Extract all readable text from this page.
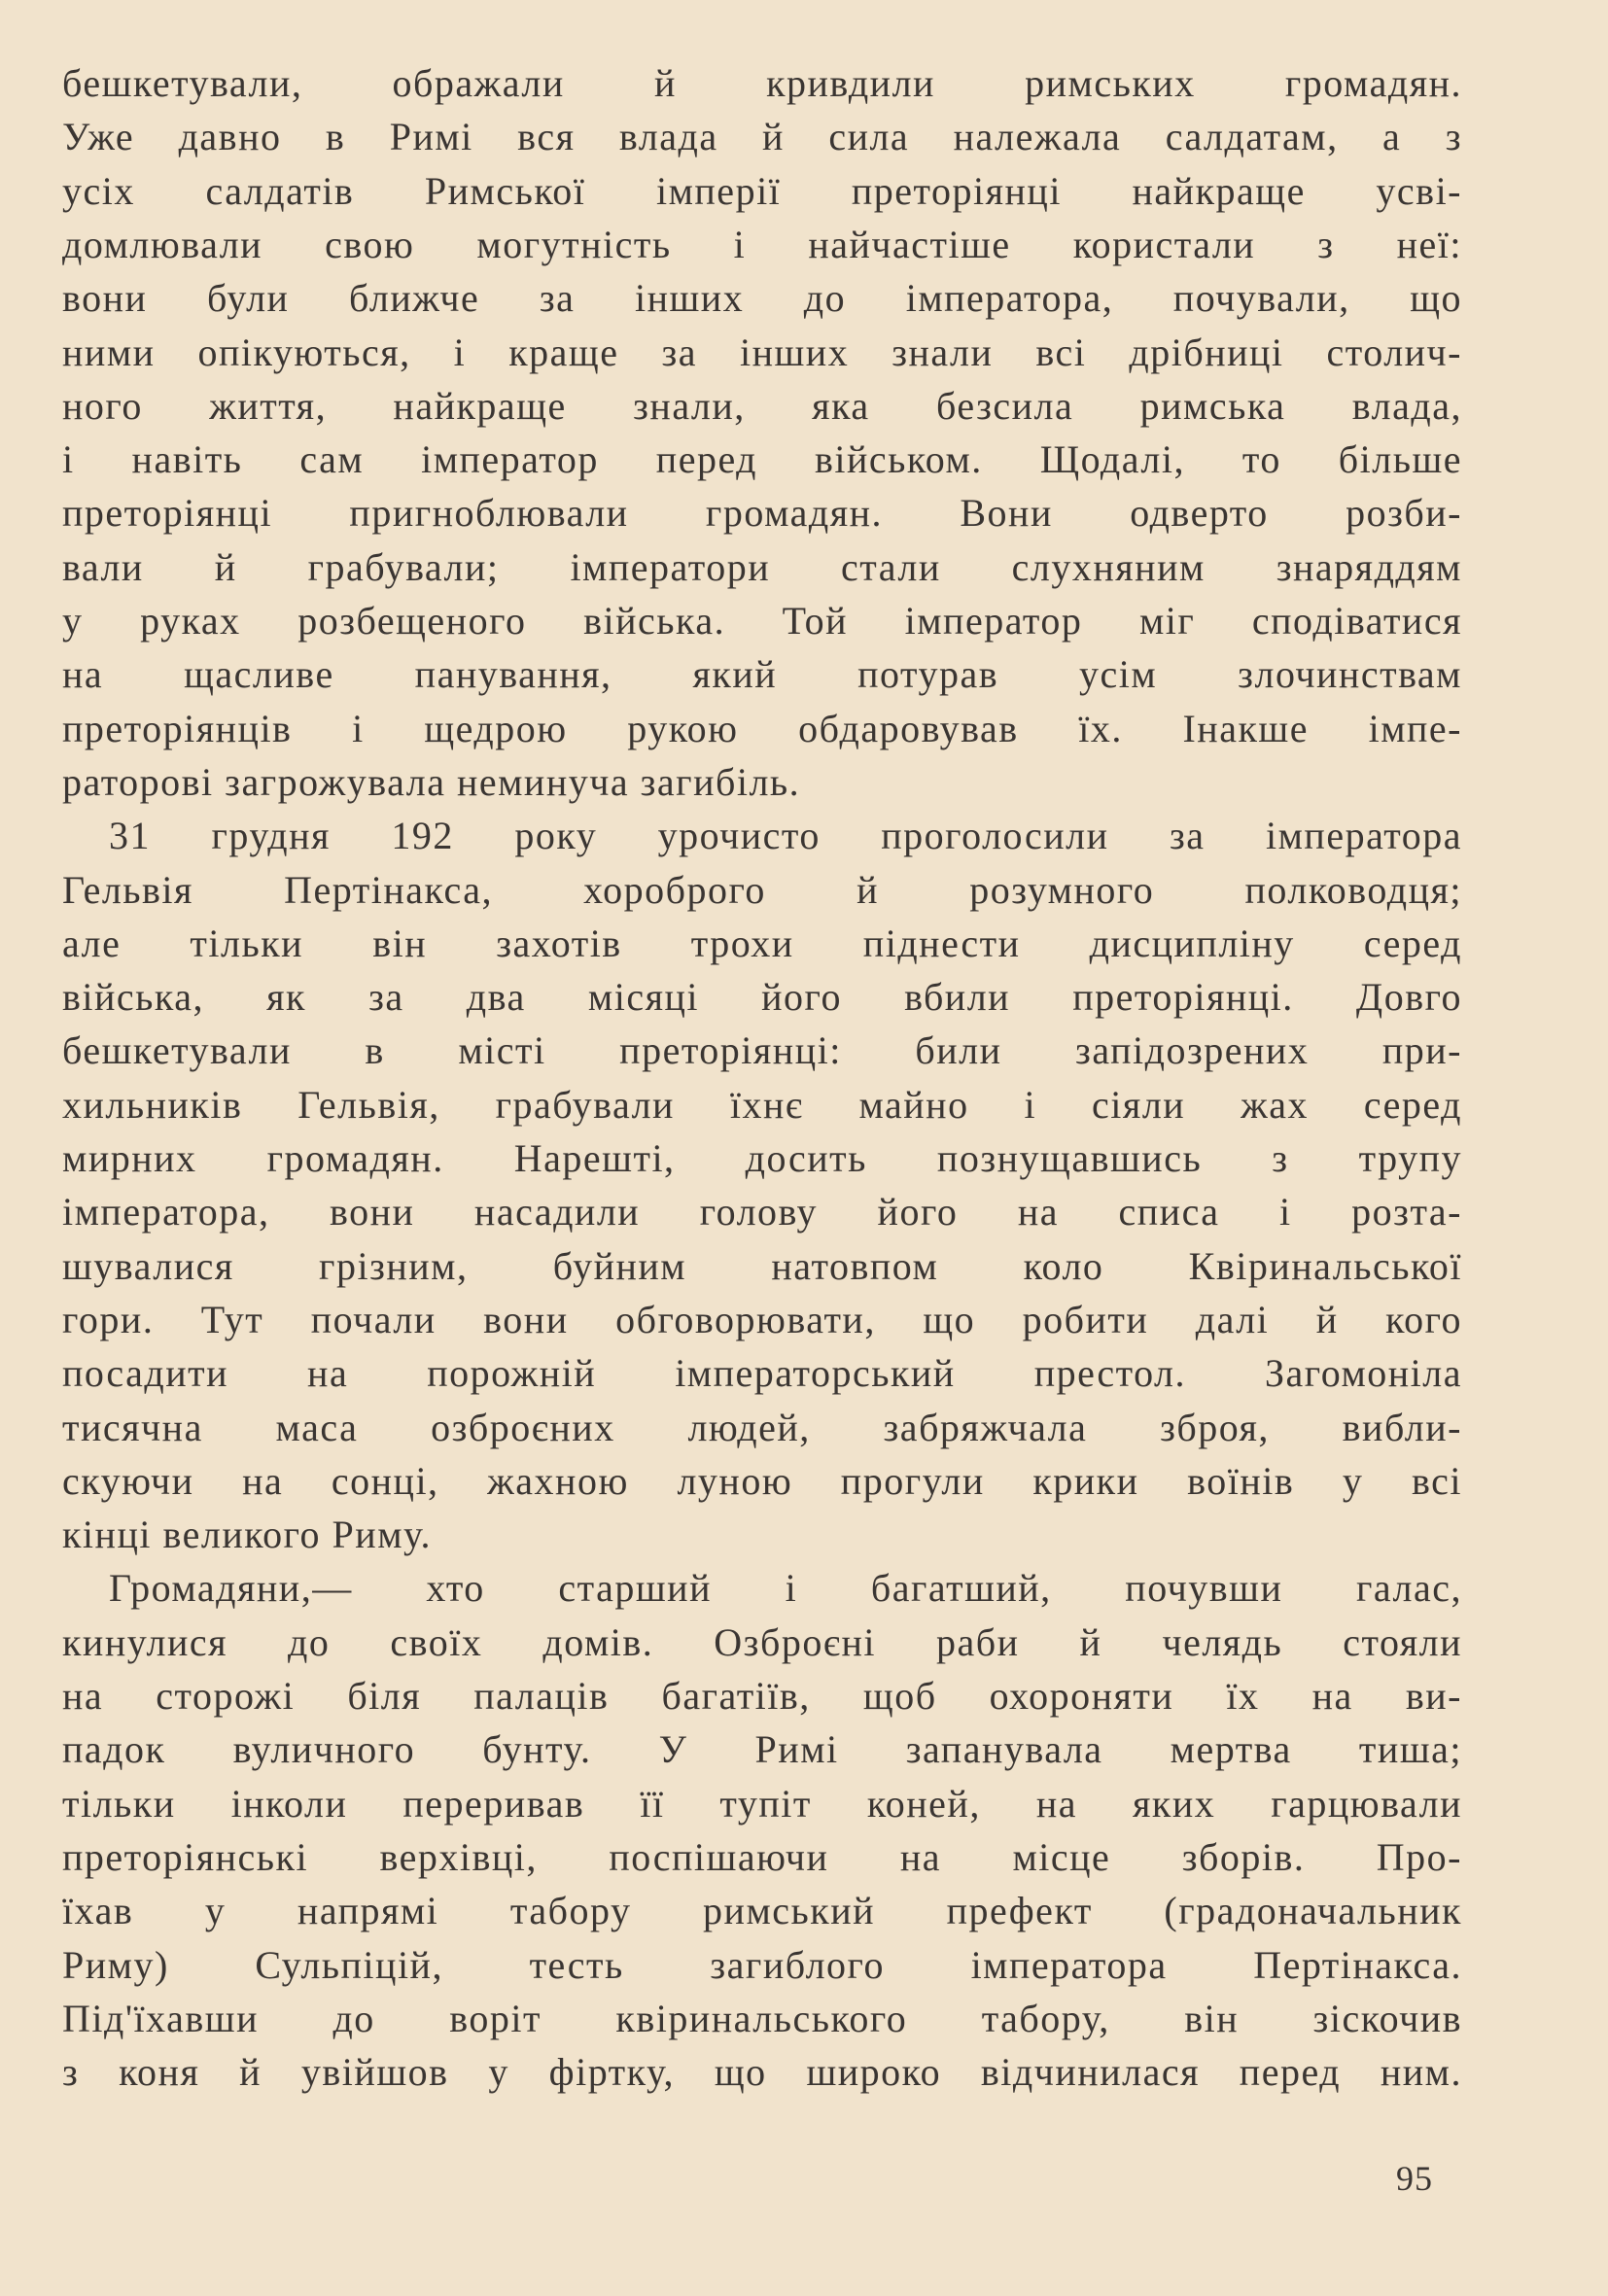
бешкетували, ображали й кривдили римських громадян.
Уже давно в Римі вся влада й сила належала салдатам, а з
усіх салдатів Римської імперії преторіянці найкраще усві-
домлювали свою могутність і найчастіше користали з неї:
вони були ближче за інших до імператора, почували, що
ними опікуються, і краще за інших знали всі дрібниці столич-
ного життя, найкраще знали, яка безсила римська влада,
і навіть сам імператор перед військом. Щодалі, то більше
преторіянці пригноблювали громадян. Вони одверто розби-
вали й грабували; імператори стали слухняним знаряддям
у руках розбещеного війська. Той імператор міг сподіватися
на щасливе панування, який потурав усім злочинствам
преторіянців і щедрою рукою обдаровував їх. Інакше імпе-
раторові загрожувала неминуча загибіль.
31 грудня 192 року урочисто проголосили за імператора
Гельвія Пертінакса, хороброго й розумного полководця;
але тільки він захотів трохи піднести дисципліну серед
війська, як за два місяці його вбили преторіянці. Довго
бешкетували в місті преторіянці: били запідозрених при-
хильників Гельвія, грабували їхнє майно і сіяли жах серед
мирних громадян. Нарешті, досить познущавшись з трупу
імператора, вони насадили голову його на списа і розта-
шувалися грізним, буйним натовпом коло Квіринальської
гори. Тут почали вони обговорювати, що робити далі й кого
посадити на порожній імператорський престол. Загомоніла
тисячна маса озброєних людей, забряжчала зброя, вибли-
скуючи на сонці, жахною луною прогули крики воїнів у всі
кінці великого Риму.
Громадяни,— хто старший і багатший, почувши галас,
кинулися до своїх домів. Озброєні раби й челядь стояли
на сторожі біля палаців багатіїв, щоб охороняти їх на ви-
падок вуличного бунту. У Римі запанувала мертва тиша;
тільки інколи переривав її тупіт коней, на яких гарцювали
преторіянські верхівці, поспішаючи на місце зборів. Про-
їхав у напрямі табору римський префект (градоначальник
Риму) Сульпіцій, тесть загиблого імператора Пертінакса.
Під'їхавши до воріт квіринальського табору, він зіскочив
з коня й увійшов у фіртку, що широко відчинилася перед ним.
95
